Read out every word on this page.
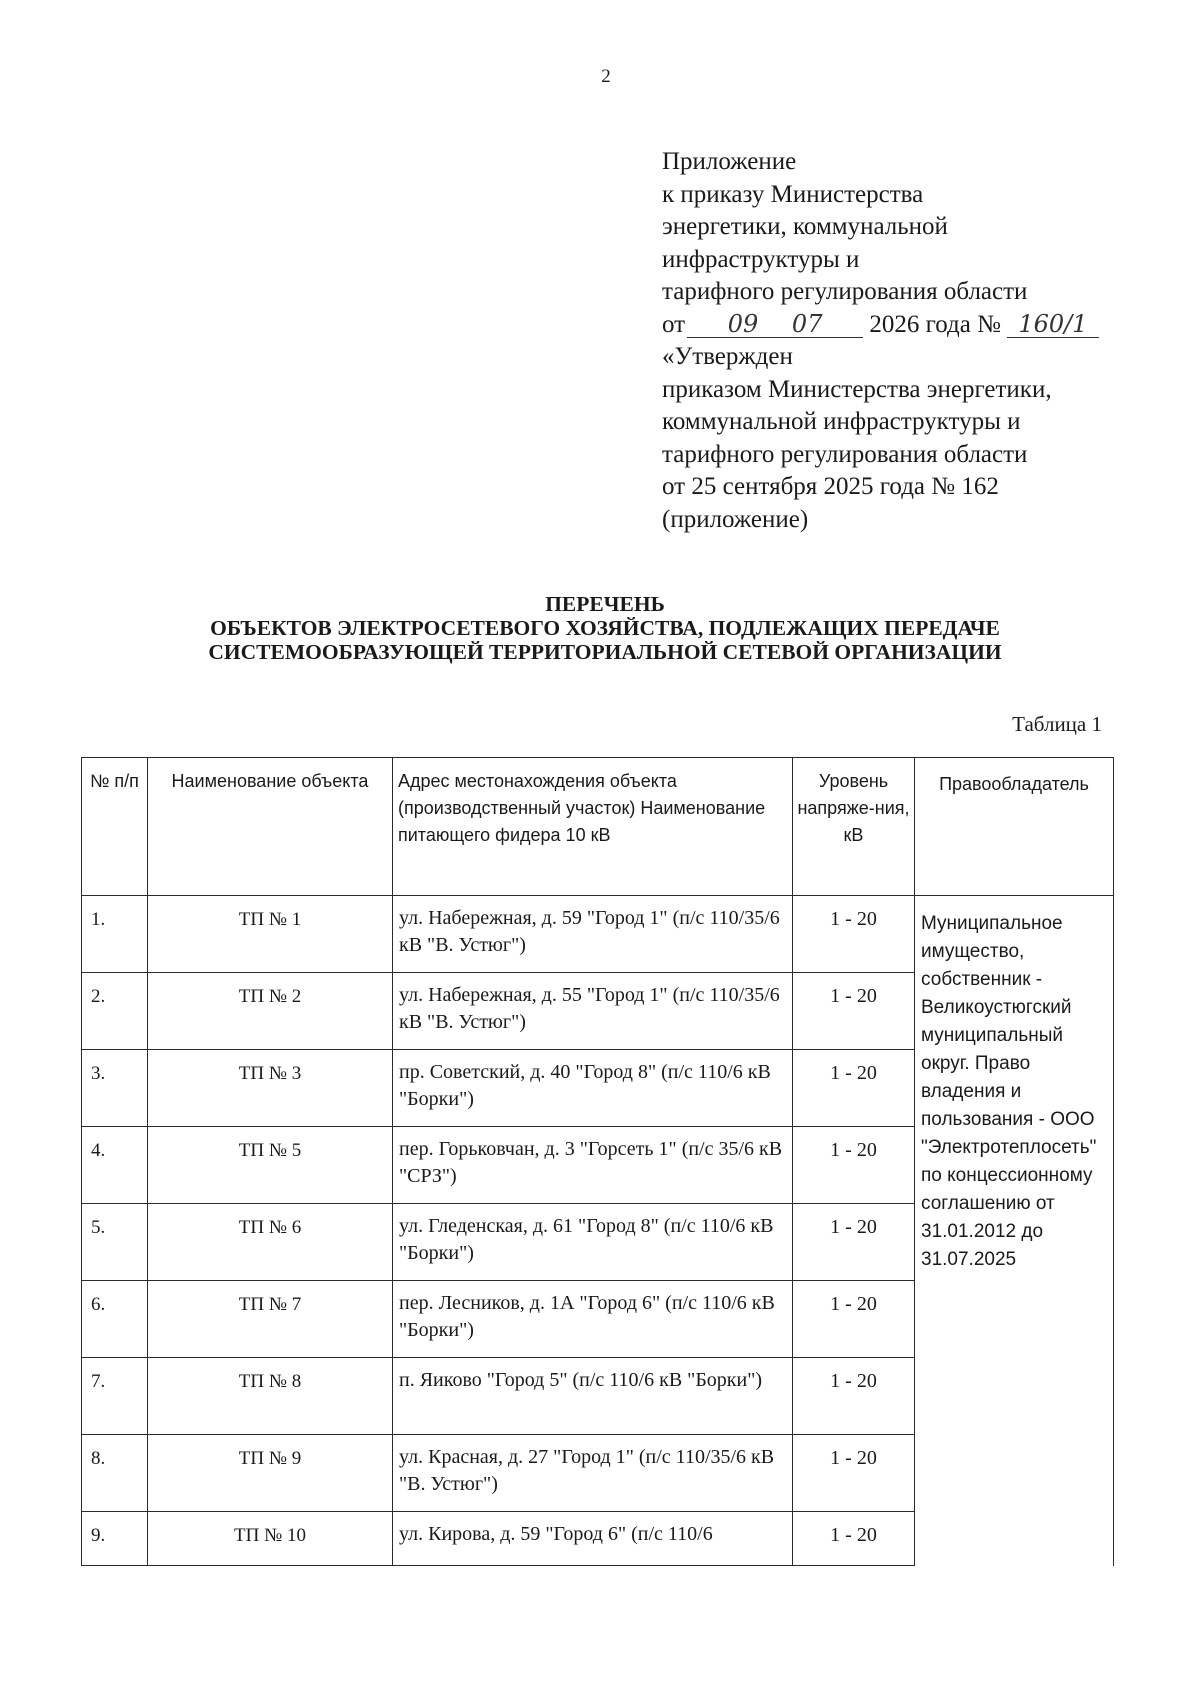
2
Приложение
к приказу Министерства
энергетики, коммунальной
инфраструктуры и
тарифного регулирования области
от 09 07 2026 года № 160/1
«Утвержден
приказом Министерства энергетики,
коммунальной инфраструктуры и
тарифного регулирования области
от 25 сентября 2025 года № 162
(приложение)
ПЕРЕЧЕНЬ
ОБЪЕКТОВ ЭЛЕКТРОСЕТЕВОГО ХОЗЯЙСТВА, ПОДЛЕЖАЩИХ ПЕРЕДАЧЕ
СИСТЕМООБРАЗУЮЩЕЙ ТЕРРИТОРИАЛЬНОЙ СЕТЕВОЙ ОРГАНИЗАЦИИ
Таблица 1
№ п/п	Наименование объекта	Адрес местонахождения объекта (производственный участок) Наименование питающего фидера 10 кВ	Уровень напряже-ния, кВ	Правообладатель
1.	ТП № 1	ул. Набережная, д. 59 "Город 1" (п/с 110/35/6 кВ "В. Устюг")	1 - 20	Муниципальное имущество, собственник - Великоустюгский муниципальный округ. Право владения и пользования - ООО "Электротеплосеть" по концессионному соглашению от 31.01.2012 до 31.07.2025
2.	ТП № 2	ул. Набережная, д. 55 "Город 1" (п/с 110/35/6 кВ "В. Устюг")	1 - 20	
3.	ТП № 3	пр. Советский, д. 40 "Город 8" (п/с 110/6 кВ "Борки")	1 - 20	
4.	ТП № 5	пер. Горьковчан, д. 3 "Горсеть 1" (п/с 35/6 кВ "СРЗ")	1 - 20	
5.	ТП № 6	ул. Гледенская, д. 61 "Город 8" (п/с 110/6 кВ "Борки")	1 - 20	
6.	ТП № 7	пер. Лесников, д. 1А "Город 6" (п/с 110/6 кВ "Борки")	1 - 20	
7.	ТП № 8	п. Яиково "Город 5" (п/с 110/6 кВ "Борки")	1 - 20	
8.	ТП № 9	ул. Красная, д. 27 "Город 1" (п/с 110/35/6 кВ "В. Устюг")	1 - 20	
9.	ТП № 10	ул. Кирова, д. 59 "Город 6" (п/с 110/6	1 - 20	
